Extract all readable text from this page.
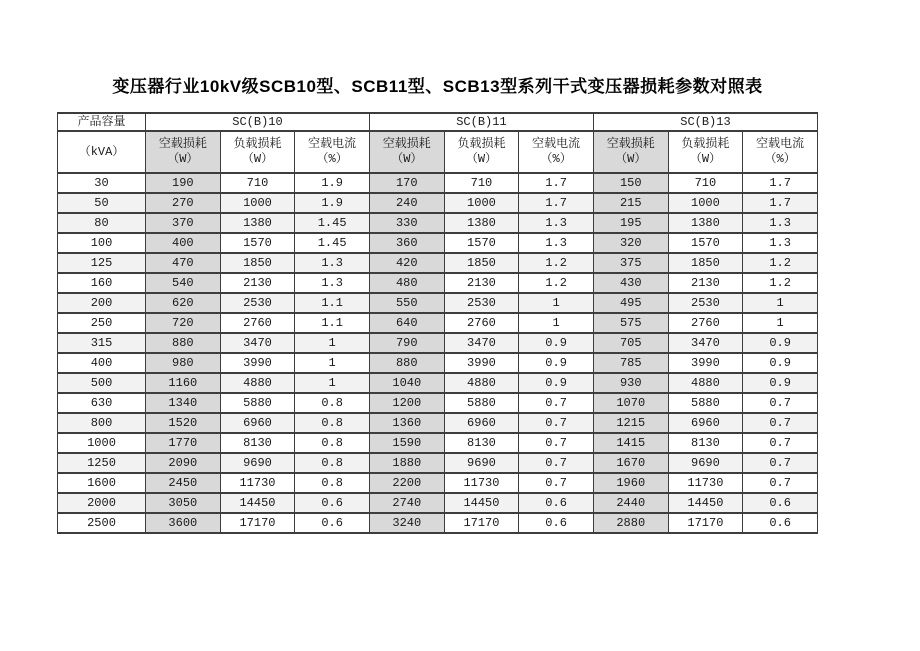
变压器行业10kV级SCB10型、SCB11型、SCB13型系列干式变压器损耗参数对照表
产品容量	SC(B)10			SC(B)11			SC(B)13		
（kVA）	空载损耗（W）	负载损耗（W）	空载电流（%）	空载损耗（W）	负载损耗（W）	空载电流（%）	空载损耗（W）	负载损耗（W）	空载电流（%）
30	190	710	1.9	170	710	1.7	150	710	1.7
50	270	1000	1.9	240	1000	1.7	215	1000	1.7
80	370	1380	1.45	330	1380	1.3	195	1380	1.3
100	400	1570	1.45	360	1570	1.3	320	1570	1.3
125	470	1850	1.3	420	1850	1.2	375	1850	1.2
160	540	2130	1.3	480	2130	1.2	430	2130	1.2
200	620	2530	1.1	550	2530	1	495	2530	1
250	720	2760	1.1	640	2760	1	575	2760	1
315	880	3470	1	790	3470	0.9	705	3470	0.9
400	980	3990	1	880	3990	0.9	785	3990	0.9
500	1160	4880	1	1040	4880	0.9	930	4880	0.9
630	1340	5880	0.8	1200	5880	0.7	1070	5880	0.7
800	1520	6960	0.8	1360	6960	0.7	1215	6960	0.7
1000	1770	8130	0.8	1590	8130	0.7	1415	8130	0.7
1250	2090	9690	0.8	1880	9690	0.7	1670	9690	0.7
1600	2450	11730	0.8	2200	11730	0.7	1960	11730	0.7
2000	3050	14450	0.6	2740	14450	0.6	2440	14450	0.6
2500	3600	17170	0.6	3240	17170	0.6	2880	17170	0.6
